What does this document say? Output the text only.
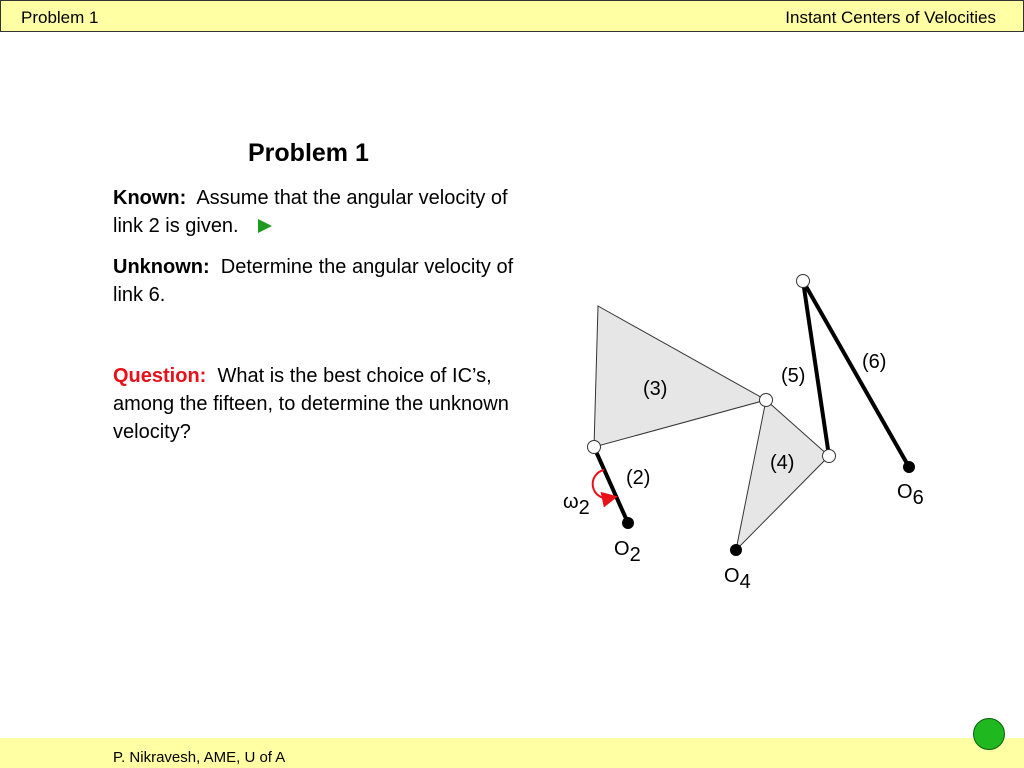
Problem 1	Instant Centers of Velocities
Problem 1
Known: Assume that the angular velocity of link 2 is given.
Unknown: Determine the angular velocity of link 6.
Question: What is the best choice of IC’s, among the fifteen, to determine the unknown velocity?
(2)
(3)
(4)
(5)
(6)
ω2
O2
O4
O6
P. Nikravesh, AME, U of A
